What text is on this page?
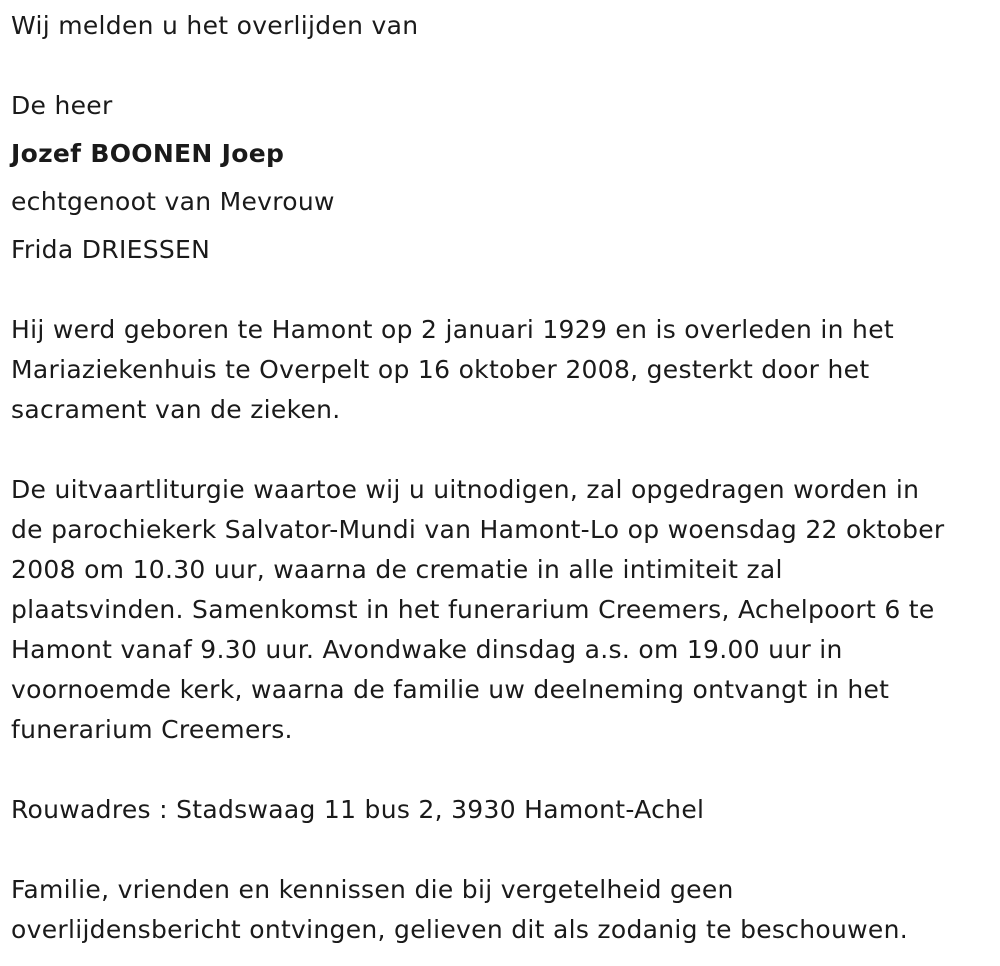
Wij melden u het overlijden van
De heer
Jozef BOONEN Joep
echtgenoot van Mevrouw
Frida DRIESSEN
Hij werd geboren te Hamont op 2 januari 1929 en is overleden in het
Mariaziekenhuis te Overpelt op 16 oktober 2008, gesterkt door het
sacrament van de zieken.
De uitvaartliturgie waartoe wij u uitnodigen, zal opgedragen worden in
de parochiekerk Salvator-Mundi van Hamont-Lo op woensdag 22 oktober
2008 om 10.30 uur, waarna de crematie in alle intimiteit zal
plaatsvinden. Samenkomst in het funerarium Creemers, Achelpoort 6 te
Hamont vanaf 9.30 uur. Avondwake dinsdag a.s. om 19.00 uur in
voornoemde kerk, waarna de familie uw deelneming ontvangt in het
funerarium Creemers.
Rouwadres : Stadswaag 11 bus 2, 3930 Hamont-Achel
Familie, vrienden en kennissen die bij vergetelheid geen
overlijdensbericht ontvingen, gelieven dit als zodanig te beschouwen.
